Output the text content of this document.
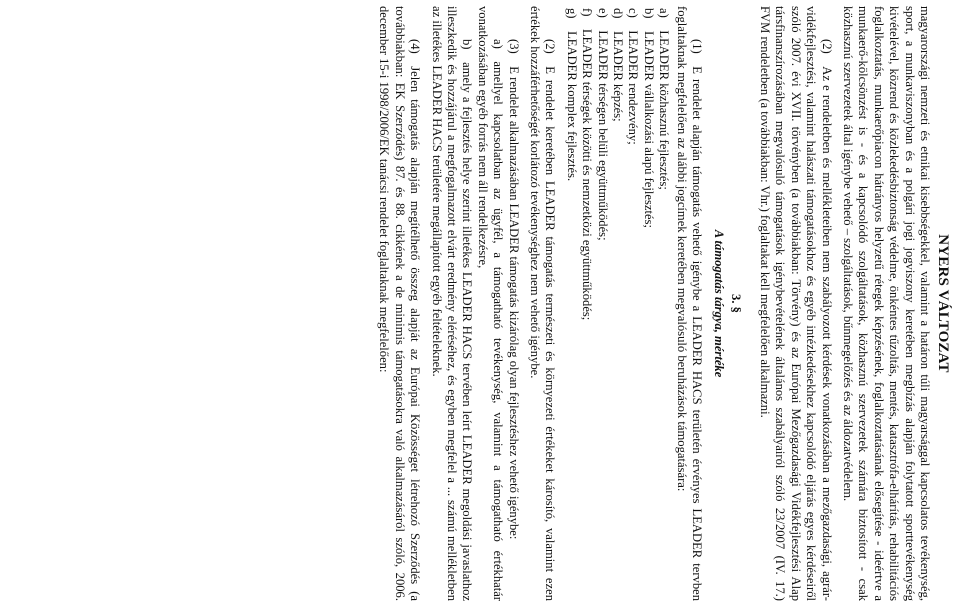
NYERS VÁLTOZAT

magyarországi nemzeti és etnikai kisebbségekkel, valamint a határon túli magyarsággal kapcsolatos tevékenység, sport, a munkaviszonyban és a polgári jogi jogviszony keretében megbízás alapján folytatott sporttevékenység kivételével, közrend és közlekedésbiztonság védelme, önkéntes tűzoltás, mentés, katasztrófa-elhárítás, rehabilitációs foglalkoztatás, munkaerőpiacon hátrányos helyzetű rétegek képzésének, foglalkoztatásának elősegítése - ideértve a munkaerő-kölcsönzést is - és a kapcsolódó szolgáltatások, közhasznú szervezetek számára biztosított - csak közhasznú szervezetek által igénybe vehető – szolgáltatások, bűnmegelőzés és az áldozatvédelem.

(2) Az e rendeletben és mellékleteiben nem szabályozott kérdések vonatkozásában a mezőgazdasági, agrár-vidékfejlesztési, valamint halászati támogatásokhoz és egyéb intézkedésekhez kapcsolódó eljárás egyes kérdéseiről szóló 2007. évi XVII. törvényben (a továbbiakban: Törvény) és az Európai Mezőgazdasági Vidékfejlesztési Alap társfinanszírozásában megvalósuló támogatások igénybevételének általános szabályairól szóló 23/2007 (IV. 17.) FVM rendeletben (a továbbiakban: Vhr.) foglaltakat kell megfelelően alkalmazni.

3. §
A támogatás tárgya, mértéke

(1) E rendelet alapján támogatás vehető igénybe a LEADER HACS területén érvényes LEADER tervben foglaltaknak megfelelően az alábbi jogcímek keretében megvalósuló beruházások támogatására:

a) LEADER közhasznú fejlesztés;
b) LEADER vállalkozási alapú fejlesztés;
c) LEADER rendezvény;
d) LEADER képzés;
e) LEADER térségen belüli együttműködés;
f) LEADER térségek közötti és nemzetközi együttműködés;
g) LEADER komplex fejlesztés.

(2) E rendelet keretében LEADER támogatás természeti és környezeti értékeket károsító, valamint ezen értékek hozzáférhetőségét korlátozó tevékenységhez nem vehető igénybe.

(3) E rendelet alkalmazásában LEADER támogatás kizárólag olyan fejlesztéshez vehető igénybe:

a) amellyel kapcsolatban az ügyfél, a támogatható tevékenység, valamint a támogatható értékhatár vonatkozásában egyéb forrás nem áll rendelkezésre,

b) amely a fejlesztés helye szerint illetékes LEADER HACS tervében leírt LEADER megoldási javaslathoz illeszkedik és hozzájárul a megfogalmazott elvárt eredmény eléréséhez, és egyben megfelel a ... számú mellékletben az illetékes LEADER HACS területére megállapított egyéb feltételeknek.

(4) Jelen támogatás alapján megítélhető összeg alapját az Európai Közösséget létrehozó Szerződés (a továbbiakban: EK Szerződés) 87. és 88. cikkének a de minimis támogatásokra való alkalmazásáról szóló, 2006. december 15-i 1998/2006/EK tanácsi rendelet foglaltaknak megfelelően:
